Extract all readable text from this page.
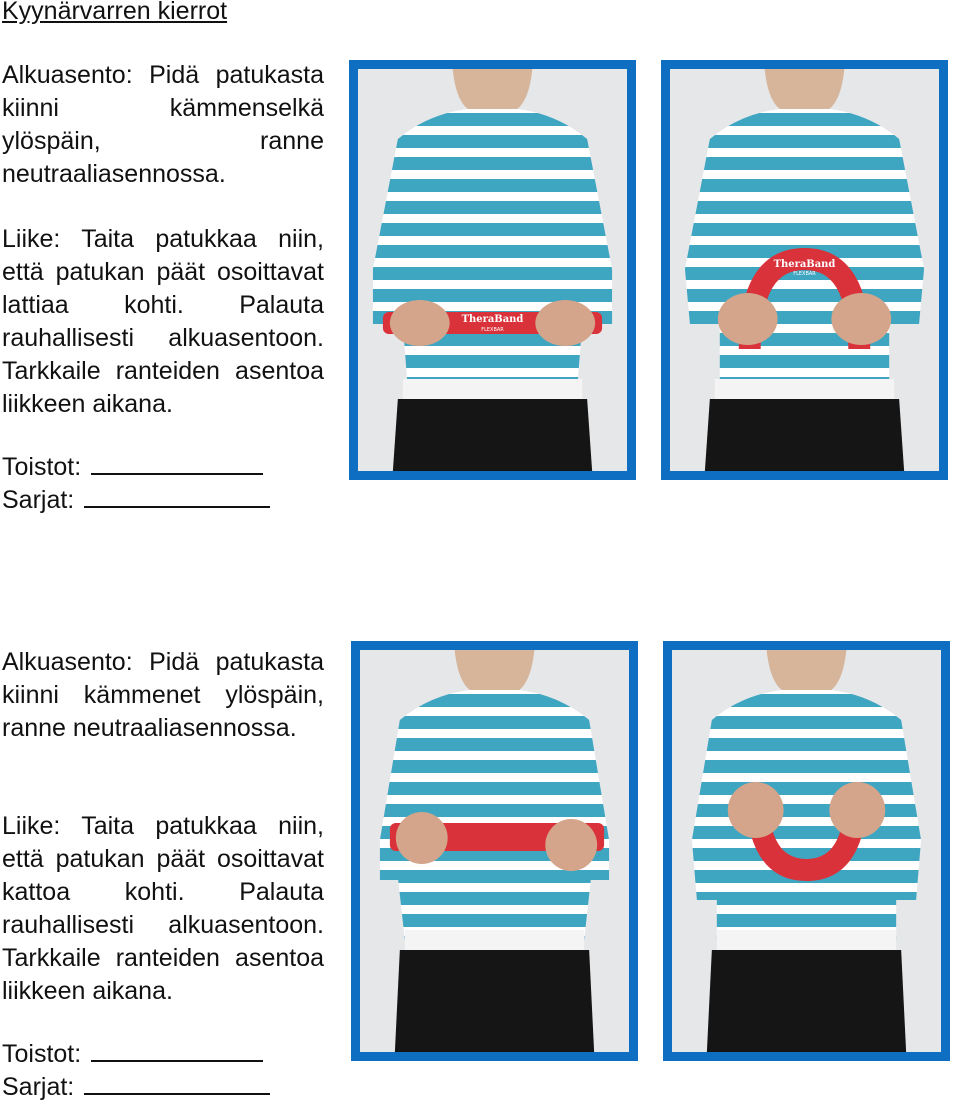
Kyynärvarren kierrot
Alkuasento: Pidä patukasta kiinni kämmenselkä ylöspäin, ranne neutraaliasennossa.
Liike: Taita patukkaa niin, että patukan päät osoittavat lattiaa kohti. Palauta rauhallisesti alkuasentoon. Tarkkaile ranteiden asentoa liikkeen aikana.
Toistot:
Sarjat:
TheraBand
FLEXBAR
TheraBand
FLEXBAR
Alkuasento: Pidä patukasta kiinni kämmenet ylöspäin, ranne neutraaliasennossa.
Liike: Taita patukkaa niin, että patukan päät osoittavat kattoa kohti. Palauta rauhallisesti alkuasentoon. Tarkkaile ranteiden asentoa liikkeen aikana.
Toistot:
Sarjat:
